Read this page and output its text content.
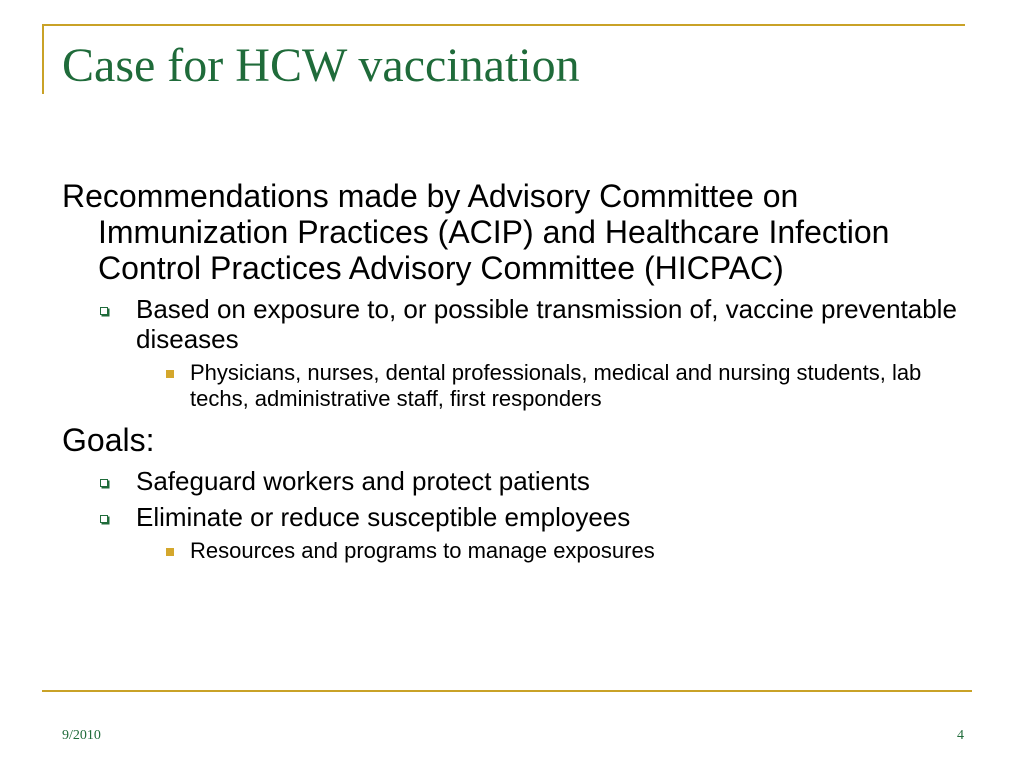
Case for HCW vaccination

Recommendations made by Advisory Committee on Immunization Practices (ACIP) and Healthcare Infection Control Practices Advisory Committee (HICPAC)

Based on exposure to, or possible transmission of, vaccine preventable diseases
Physicians, nurses, dental professionals, medical and nursing students, lab techs, administrative staff, first responders

Goals:

Safeguard workers and protect patients
Eliminate or reduce susceptible employees
Resources and programs to manage exposures
9/2010	4
